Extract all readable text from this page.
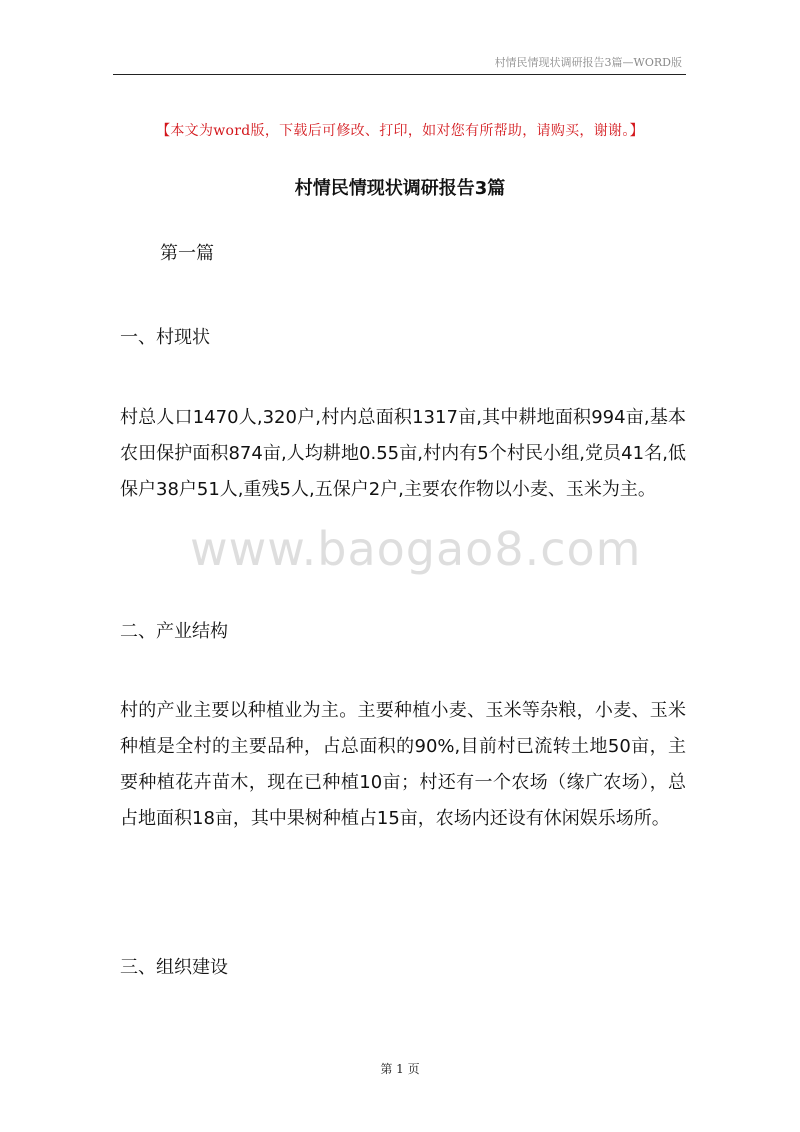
村情民情现状调研报告3篇—WORD版
【本文为word版，下载后可修改、打印，如对您有所帮助，请购买，谢谢。】
村情民情现状调研报告3篇
第一篇
一、村现状
村总人口1470人,320户,村内总面积1317亩,其中耕地面积994亩,基本农田保护面积874亩,人均耕地0.55亩,村内有5个村民小组,党员41名,低保户38户51人,重残5人,五保户2户,主要农作物以小麦、玉米为主。
二、产业结构
村的产业主要以种植业为主。主要种植小麦、玉米等杂粮，小麦、玉米种植是全村的主要品种，占总面积的90%,目前村已流转土地50亩，主要种植花卉苗木，现在已种植10亩；村还有一个农场（缘广农场），总占地面积18亩，其中果树种植占15亩，农场内还设有休闲娱乐场所。
三、组织建设
www.baogao8.com
第 1 页
